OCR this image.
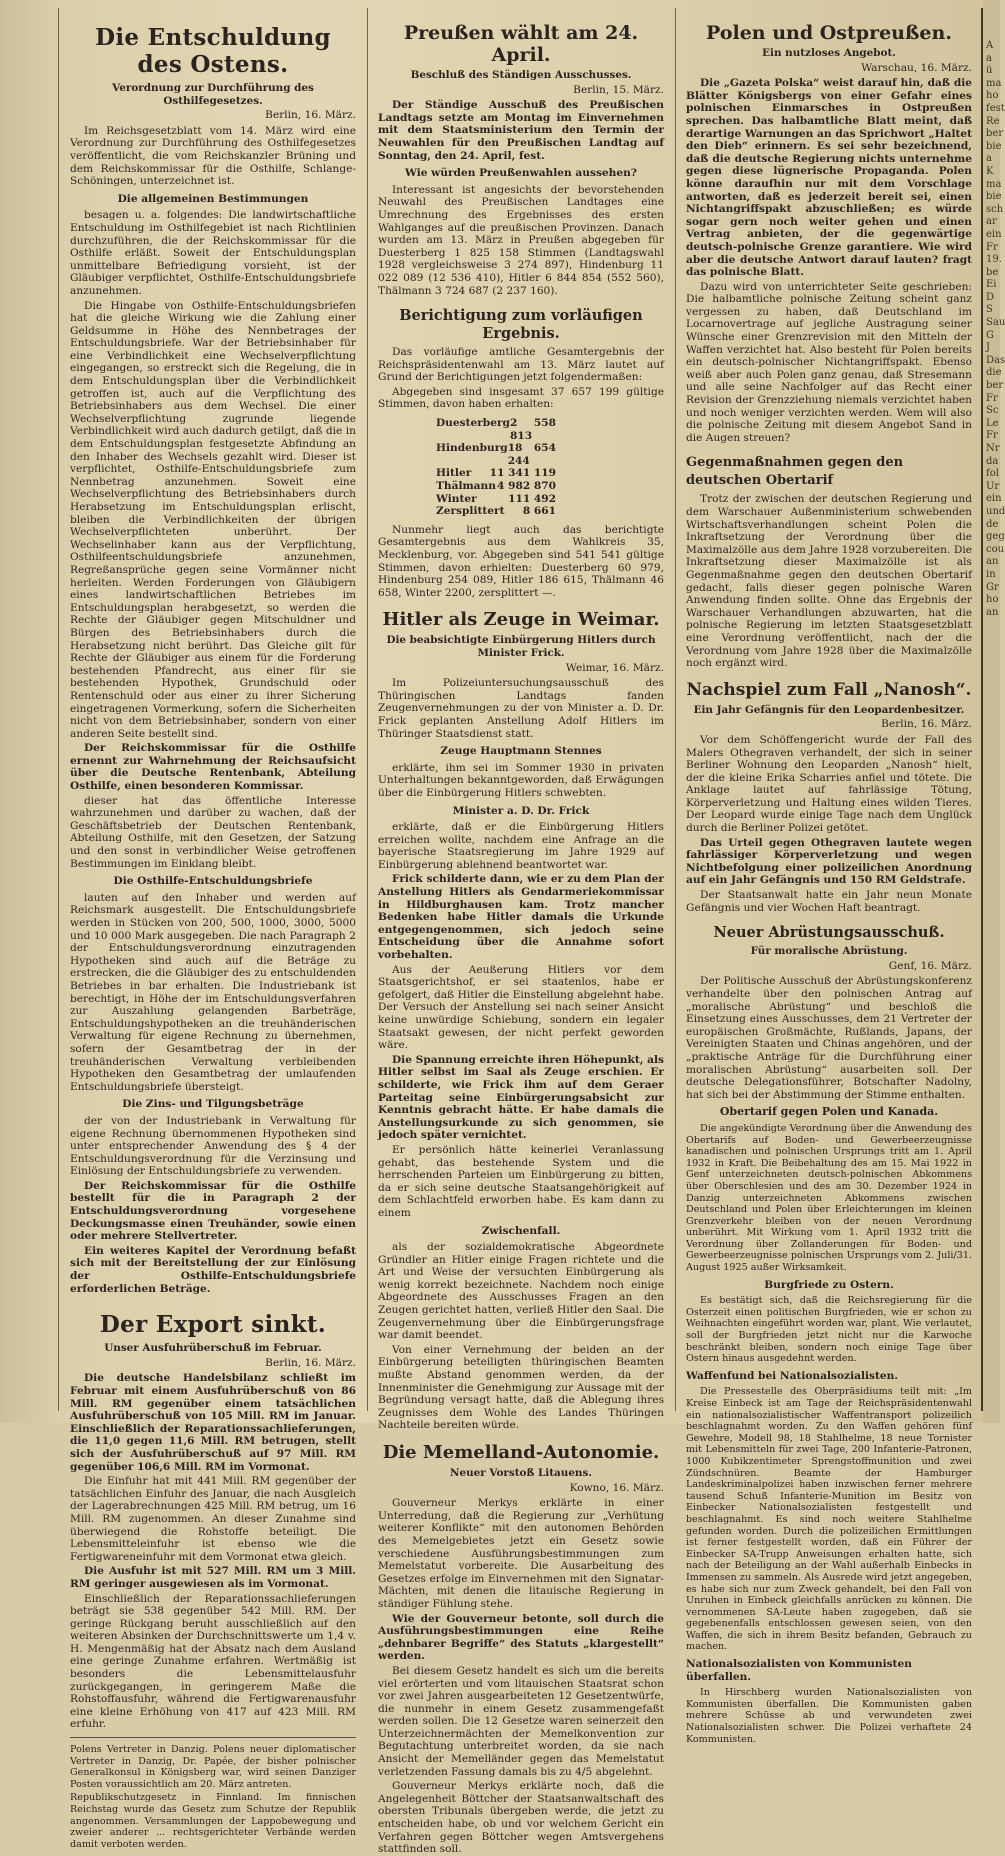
Die Entschuldung des Ostens.
Verordnung zur Durchführung des Osthilfegesetzes.
Berlin, 16. März.

Im Reichsgesetzblatt vom 14. März wird eine Verordnung zur Durchführung des Osthilfegesetzes veröffentlicht, die vom Reichskanzler Brüning und dem Reichskommissar für die Osthilfe, Schlange-Schöningen, unterzeichnet ist.

Die allgemeinen Bestimmungen

besagen u. a. folgendes: Die landwirtschaftliche Entschuldung im Osthilfegebiet ist nach Richtlinien durchzuführen, die der Reichskommissar für die Osthilfe erläßt. Soweit der Entschuldungsplan unmittelbare Befriedigung vorsieht, ist der Gläubiger verpflichtet, Osthilfe-Entschuldungsbriefe anzunehmen.

Die Hingabe von Osthilfe-Entschuldungsbriefen hat die gleiche Wirkung wie die Zahlung einer Geldsumme in Höhe des Nennbetrages der Entschuldungsbriefe. War der Betriebsinhaber für eine Verbindlichkeit eine Wechselverpflichtung eingegangen, so erstreckt sich die Regelung, die in dem Entschuldungsplan über die Verbindlichkeit getroffen ist, auch auf die Verpflichtung des Betriebsinhabers aus dem Wechsel. Die einer Wechselverpflichtung zugrunde liegende Verbindlichkeit wird auch dadurch getilgt, daß die in dem Entschuldungsplan festgesetzte Abfindung an den Inhaber des Wechsels gezahlt wird. Dieser ist verpflichtet, Osthilfe-Entschuldungsbriefe zum Nennbetrag anzunehmen. Soweit eine Wechselverpflichtung des Betriebsinhabers durch Herabsetzung im Entschuldungsplan erlischt, bleiben die Verbindlichkeiten der übrigen Wechselverpflichteten unberührt. Der Wechselinhaber kann aus der Verpflichtung, Osthilfeentschuldungsbriefe anzunehmen, Regreßansprüche gegen seine Vormänner nicht herleiten. Werden Forderungen von Gläubigern eines landwirtschaftlichen Betriebes im Entschuldungsplan herabgesetzt, so werden die Rechte der Gläubiger gegen Mitschuldner und Bürgen des Betriebsinhabers durch die Herabsetzung nicht berührt. Das Gleiche gilt für Rechte der Gläubiger aus einem für die Forderung bestehenden Pfandrecht, aus einer für sie bestehenden Hypothek, Grundschuld oder Rentenschuld oder aus einer zu ihrer Sicherung eingetragenen Vormerkung, sofern die Sicherheiten nicht von dem Betriebsinhaber, sondern von einer anderen Seite bestellt sind.

Der Reichskommissar für die Osthilfe ernennt zur Wahrnehmung der Reichsaufsicht über die Deutsche Rentenbank, Abteilung Osthilfe, einen besonderen Kommissar.

dieser hat das öffentliche Interesse wahrzunehmen und darüber zu wachen, daß der Geschäftsbetrieb der Deutschen Rentenbank, Abteilung Osthilfe, mit den Gesetzen, der Satzung und den sonst in verbindlicher Weise getroffenen Bestimmungen im Einklang bleibt.

Die Osthilfe-Entschuldungsbriefe

lauten auf den Inhaber und werden auf Reichsmark ausgestellt. Die Entschuldungsbriefe werden in Stücken von 200, 500, 1000, 3000, 5000 und 10 000 Mark ausgegeben. Die nach Paragraph 2 der Entschuldungsverordnung einzutragenden Hypotheken sind auch auf die Beträge zu erstrecken, die die Gläubiger des zu entschuldenden Betriebes in bar erhalten. Die Industriebank ist berechtigt, in Höhe der im Entschuldungsverfahren zur Auszahlung gelangenden Barbeträge, Entschuldungshypotheken an die treuhänderischen Verwaltung für eigene Rechnung zu übernehmen, sofern der Gesamtbetrag der in der treuhänderischen Verwaltung verbleibenden Hypotheken den Gesamtbetrag der umlaufenden Entschuldungsbriefe übersteigt.

Die Zins- und Tilgungsbeträge

der von der Industriebank in Verwaltung für eigene Rechnung übernommenen Hypotheken sind unter entsprechender Anwendung des § 4 der Entschuldungsverordnung für die Verzinsung und Einlösung der Entschuldungsbriefe zu verwenden.

Der Reichskommissar für die Osthilfe bestellt für die in Paragraph 2 der Entschuldungsverordnung vorgesehene Deckungsmasse einen Treuhänder, sowie einen oder mehrere Stellvertreter.

Ein weiteres Kapitel der Verordnung befaßt sich mit der Bereitstellung der zur Einlösung der Osthilfe-Entschuldungsbriefe erforderlichen Beträge.

Der Export sinkt.
Unser Ausfuhrüberschuß im Februar.
Berlin, 16. März.

Die deutsche Handelsbilanz schließt im Februar mit einem Ausfuhrüberschuß von 86 Mill. RM gegenüber einem tatsächlichen Ausfuhrüberschuß von 105 Mill. RM im Januar. Einschließlich der Reparationssachlieferungen, die 11,0 gegen 11,6 Mill. RM betrugen, stellt sich der Ausfuhrüberschuß auf 97 Mill. RM gegenüber 106,6 Mill. RM im Vormonat.

Die Einfuhr hat mit 441 Mill. RM gegenüber der tatsächlichen Einfuhr des Januar, die nach Ausgleich der Lagerabrechnungen 425 Mill. RM betrug, um 16 Mill. RM zugenommen. An dieser Zunahme sind überwiegend die Rohstoffe beteiligt. Die Lebensmitteleinfuhr ist ebenso wie die Fertigwareneinfuhr mit dem Vormonat etwa gleich.

Die Ausfuhr ist mit 527 Mill. RM um 3 Mill. RM geringer ausgewiesen als im Vormonat.

Einschließlich der Reparationssachlieferungen beträgt sie 538 gegenüber 542 Mill. RM. Der geringe Rückgang beruht ausschließlich auf den weiteren Absinken der Durchschnittswerte um 1,4 v. H. Mengenmäßig hat der Absatz nach dem Ausland eine geringe Zunahme erfahren. Wertmäßig ist besonders die Lebensmittelausfuhr zurückgegangen, in geringerem Maße die Rohstoffausfuhr, während die Fertigwarenausfuhr eine kleine Erhöhung von 417 auf 423 Mill. RM erfuhr.

Polens Vertreter in Danzig. Polens neuer diplomatischer Vertreter in Danzig, Dr. Papée, der bisher polnischer Generalkonsul in Königsberg war, wird seinen Danziger Posten voraussichtlich am 20. März antreten.

Republikschutzgesetz in Finnland. Im finnischen Reichstag wurde das Gesetz zum Schutze der Republik angenommen. Versammlungen der Lappobewegung und zweier anderer ... rechtsgerichteter Verbände werden damit verboten werden.

Preußen wählt am 24. April.
Beschluß des Ständigen Ausschusses.
Berlin, 15. März.

Der Ständige Ausschuß des Preußischen Landtags setzte am Montag im Einvernehmen mit dem Staatsministerium den Termin der Neuwahlen für den Preußischen Landtag auf Sonntag, den 24. April, fest.

Wie würden Preußenwahlen aussehen?

Interessant ist angesichts der bevorstehenden Neuwahl des Preußischen Landtages eine Umrechnung des Ergebnisses des ersten Wahlganges auf die preußischen Provinzen. Danach wurden am 13. März in Preußen abgegeben für Duesterberg 1 825 158 Stimmen (Landtagswahl 1928 vergleichsweise 3 274 897), Hindenburg 11 022 089 (12 536 410), Hitler 6 844 854 (552 560), Thälmann 3 724 687 (2 237 160).

Berichtigung zum vorläufigen Ergebnis.

Das vorläufige amtliche Gesamtergebnis der Reichspräsidentenwahl am 13. März lautet auf Grund der Berichtigungen jetzt folgendermaßen:

Abgegeben sind insgesamt 37 657 199 gültige Stimmen, davon haben erhalten:

Duesterberg 2 558 813
Hindenburg 18 654 244
Hitler 11 341 119
Thälmann 4 982 870
Winter	111 492
Zersplittert 8 661

Nunmehr liegt auch das berichtigte Gesamtergebnis aus dem Wahlkreis 35, Mecklenburg, vor. Abgegeben sind 541 541 gültige Stimmen, davon erhielten: Duesterberg 60 979, Hindenburg 254 089, Hitler 186 615, Thälmann 46 658, Winter 2200, zersplittert —.

Hitler als Zeuge in Weimar.
Die beabsichtigte Einbürgerung Hitlers durch Minister Frick.
Weimar, 16. März.

Im Polizeiuntersuchungsausschuß des Thüringischen Landtags fanden Zeugenvernehmungen zu der von Minister a. D. Dr. Frick geplanten Anstellung Adolf Hitlers im Thüringer Staatsdienst statt.

Zeuge Hauptmann Stennes

erklärte, ihm sei im Sommer 1930 in privaten Unterhaltungen bekanntgeworden, daß Erwägungen über die Einbürgerung Hitlers schwebten.

Minister a. D. Dr. Frick

erklärte, daß er die Einbürgerung Hitlers erreichen wollte, nachdem eine Anfrage an die bayerische Staatsregierung im Jahre 1929 auf Einbürgerung ablehnend beantwortet war.

Frick schilderte dann, wie er zu dem Plan der Anstellung Hitlers als Gendarmeriekommissar in Hildburghausen kam. Trotz mancher Bedenken habe Hitler damals die Urkunde entgegengenommen, sich jedoch seine Entscheidung über die Annahme sofort vorbehalten.

Aus der Aeußerung Hitlers vor dem Staatsgerichtshof, er sei staatenlos, habe er gefolgert, daß Hitler die Einstellung abgelehnt habe. Der Versuch der Anstellung sei nach seiner Ansicht keine unwürdige Schiebung, sondern ein legaler Staatsakt gewesen, der nicht perfekt geworden wäre.

Die Spannung erreichte ihren Höhepunkt, als Hitler selbst im Saal als Zeuge erschien. Er schilderte, wie Frick ihm auf dem Geraer Parteitag seine Einbürgerungsabsicht zur Kenntnis gebracht hätte. Er habe damals die Anstellungsurkunde zu sich genommen, sie jedoch später vernichtet.

Er persönlich hätte keinerlei Veranlassung gehabt, das bestehende System und die herrschenden Parteien um Einbürgerung zu bitten, da er sich seine deutsche Staatsangehörigkeit auf dem Schlachtfeld erworben habe. Es kam dann zu einem

Zwischenfall.

als der sozialdemokratische Abgeordnete Gründler an Hitler einige Fragen richtete und die Art und Weise der versuchten Einbürgerung als wenig korrekt bezeichnete. Nachdem noch einige Abgeordnete des Ausschusses Fragen an den Zeugen gerichtet hatten, verließ Hitler den Saal. Die Zeugenvernehmung über die Einbürgerungsfrage war damit beendet.

Von einer Vernehmung der beiden an der Einbürgerung beteiligten thüringischen Beamten mußte Abstand genommen werden, da der Innenminister die Genehmigung zur Aussage mit der Begründung versagt hatte, daß die Ablegung ihres Zeugnisses dem Wohle des Landes Thüringen Nachteile bereiten würde.

Die Memelland-Autonomie.
Neuer Vorstoß Litauens.
Kowno, 16. März.

Gouverneur Merkys erklärte in einer Unterredung, daß die Regierung zur „Verhütung weiterer Konflikte“ mit den autonomen Behörden des Memelgebietes jetzt ein Gesetz sowie verschiedene Ausführungsbestimmungen zum Memelstatut vorbereite. Die Ausarbeitung des Gesetzes erfolge im Einvernehmen mit den Signatar-Mächten, mit denen die litauische Regierung in ständiger Fühlung stehe.

Wie der Gouverneur betonte, soll durch die Ausführungsbestimmungen eine Reihe „dehnbarer Begriffe“ des Statuts „klargestellt“ werden.

Bei diesem Gesetz handelt es sich um die bereits viel erörterten und vom litauischen Staatsrat schon vor zwei Jahren ausgearbeiteten 12 Gesetzentwürfe, die nunmehr in einem Gesetz zusammengefaßt werden sollen. Die 12 Gesetze waren seinerzeit den Unterzeichnermächten der Memelkonvention zur Begutachtung unterbreitet worden, da sie nach Ansicht der Memelländer gegen das Memelstatut verletzenden Fassung damals bis zu 4/5 abgelehnt.

Gouverneur Merkys erklärte noch, daß die Angelegenheit Böttcher der Staatsanwaltschaft des obersten Tribunals übergeben werde, die jetzt zu entscheiden habe, ob und vor welchem Gericht ein Verfahren gegen Böttcher wegen Amtsvergehens stattfinden soll.

Polen und Ostpreußen.
Ein nutzloses Angebot.
Warschau, 16. März.

Die „Gazeta Polska“ weist darauf hin, daß die Blätter Königsbergs von einer Gefahr eines polnischen Einmarsches in Ostpreußen sprechen. Das halbamtliche Blatt meint, daß derartige Warnungen an das Sprichwort „Haltet den Dieb“ erinnern. Es sei sehr bezeichnend, daß die deutsche Regierung nichts unternehme gegen diese lügnerische Propaganda. Polen könne daraufhin nur mit dem Vorschlage antworten, daß es jederzeit bereit sei, einen Nichtangriffspakt abzuschließen; es würde sogar gern noch weiter gehen und einen Vertrag anbieten, der die gegenwärtige deutsch-polnische Grenze garantiere. Wie wird aber die deutsche Antwort darauf lauten? fragt das polnische Blatt.

Dazu wird von unterrichteter Seite geschrieben: Die halbamtliche polnische Zeitung scheint ganz vergessen zu haben, daß Deutschland im Locarnovertrage auf jegliche Austragung seiner Wünsche einer Grenzrevision mit den Mitteln der Waffen verzichtet hat. Also besteht für Polen bereits ein deutsch-polnischer Nichtangriffspakt. Ebenso weiß aber auch Polen ganz genau, daß Stresemann und alle seine Nachfolger auf das Recht einer Revision der Grenzziehung niemals verzichtet haben und noch weniger verzichten werden. Wem will also die polnische Zeitung mit diesem Angebot Sand in die Augen streuen?

Gegenmaßnahmen gegen den deutschen Obertarif

Trotz der zwischen der deutschen Regierung und dem Warschauer Außenministerium schwebenden Wirtschaftsverhandlungen scheint Polen die Inkraftsetzung der Verordnung über die Maximalzölle aus dem Jahre 1928 vorzubereiten. Die Inkraftsetzung dieser Maximalzölle ist als Gegenmaßnahme gegen den deutschen Obertarif gedacht, falls dieser gegen polnische Waren Anwendung finden sollte. Ohne das Ergebnis der Warschauer Verhandlungen abzuwarten, hat die polnische Regierung im letzten Staatsgesetzblatt eine Verordnung veröffentlicht, nach der die Verordnung vom Jahre 1928 über die Maximalzölle noch ergänzt wird.

Nachspiel zum Fall „Nanosh“.
Ein Jahr Gefängnis für den Leopardenbesitzer.
Berlin, 16. März.

Vor dem Schöffengericht wurde der Fall des Malers Othegraven verhandelt, der sich in seiner Berliner Wohnung den Leoparden „Nanosh“ hielt, der die kleine Erika Scharries anfiel und tötete. Die Anklage lautet auf fahrlässige Tötung, Körperverletzung und Haltung eines wilden Tieres. Der Leopard wurde einige Tage nach dem Unglück durch die Berliner Polizei getötet.

Das Urteil gegen Othegraven lautete wegen fahrlässiger Körperverletzung und wegen Nichtbefolgung einer polizeilichen Anordnung auf ein Jahr Gefängnis und 150 RM Geldstrafe.

Der Staatsanwalt hatte ein Jahr neun Monate Gefängnis und vier Wochen Haft beantragt.

Neuer Abrüstungsausschuß.
Für moralische Abrüstung.
Genf, 16. März.

Der Politische Ausschuß der Abrüstungskonferenz verhandelte über den polnischen Antrag auf „moralische Abrüstung“ und beschloß die Einsetzung eines Ausschusses, dem 21 Vertreter der europäischen Großmächte, Rußlands, Japans, der Vereinigten Staaten und Chinas angehören, und der „praktische Anträge für die Durchführung einer moralischen Abrüstung“ ausarbeiten soll. Der deutsche Delegationsführer, Botschafter Nadolny, hat sich bei der Abstimmung der Stimme enthalten.

Obertarif gegen Polen und Kanada.

Die angekündigte Verordnung über die Anwendung des Obertarifs auf Boden- und Gewerbeerzeugnisse kanadischen und polnischen Ursprungs tritt am 1. April 1932 in Kraft. Die Beibehaltung des am 15. Mai 1922 in Genf unterzeichneten deutsch-polnischen Abkommens über Oberschlesien und des am 30. Dezember 1924 in Danzig unterzeichneten Abkommens zwischen Deutschland und Polen über Erleichterungen im kleinen Grenzverkehr bleiben von der neuen Verordnung unberührt. Mit Wirkung vom 1. April 1932 tritt die Verordnung über Zollanderungen für Boden- und Gewerbeerzeugnisse polnischen Ursprungs vom 2. Juli/31. August 1925 außer Wirksamkeit.

Burgfriede zu Ostern.

Es bestätigt sich, daß die Reichsregierung für die Osterzeit einen politischen Burgfrieden, wie er schon zu Weihnachten eingeführt worden war, plant. Wie verlautet, soll der Burgfrieden jetzt nicht nur die Karwoche beschränkt bleiben, sondern noch einige Tage über Ostern hinaus ausgedehnt werden.

Waffenfund bei Nationalsozialisten.

Die Pressestelle des Oberpräsidiums teilt mit: „Im Kreise Einbeck ist am Tage der Reichspräsidentenwahl ein nationalsozialistischer Waffentransport polizeilich beschlagnahmt worden. Zu den Waffen gehören fünf Gewehre, Modell 98, 18 Stahlhelme, 18 neue Tornister mit Lebensmitteln für zwei Tage, 200 Infanterie-Patronen, 1000 Kubikzentimeter Sprengstoffmunition und zwei Zündschnüren. Beamte der Hamburger Landeskriminalpolizei haben inzwischen ferner mehrere tausend Schuß Infanterie-Munition im Besitz von Einbecker Nationalsozialisten festgestellt und beschlagnahmt. Es sind noch weitere Stahlhelme gefunden worden. Durch die polizeilichen Ermittlungen ist ferner festgestellt worden, daß ein Führer der Einbecker SA-Trupp Anweisungen erhalten hatte, sich nach der Beteiligung an der Wahl außerhalb Einbecks in Immensen zu sammeln. Als Ausrede wird jetzt angegeben, es habe sich nur zum Zweck gehandelt, bei den Fall von Unruhen in Einbeck gleichfalls anrücken zu können. Die vernommenen SA-Leute haben zugegeben, daß sie gegebenenfalls entschlossen gewesen seien, von den Waffen, die sich in ihrem Besitz befanden, Gebrauch zu machen.

Nationalsozialisten von Kommunisten überfallen.

In Hirschberg wurden Nationalsozialisten von Kommunisten überfallen. Die Kommunisten gaben mehrere Schüsse ab und verwundeten zwei Nationalsozialisten schwer. Die Polizei verhaftete 24 Kommunisten.

A
a
ü
ma
ho
fest
Re
ber
bie
a
K
ma
bie
sch
ar
ein
Fr
19.
be
Ei
D
S
Sau
G
J
Das
die
ber
Fr
Sc
Le
Fr
Nr
da
fol
Ur
ein
und
de
geg
cou
an
in
Gr
ho
an
